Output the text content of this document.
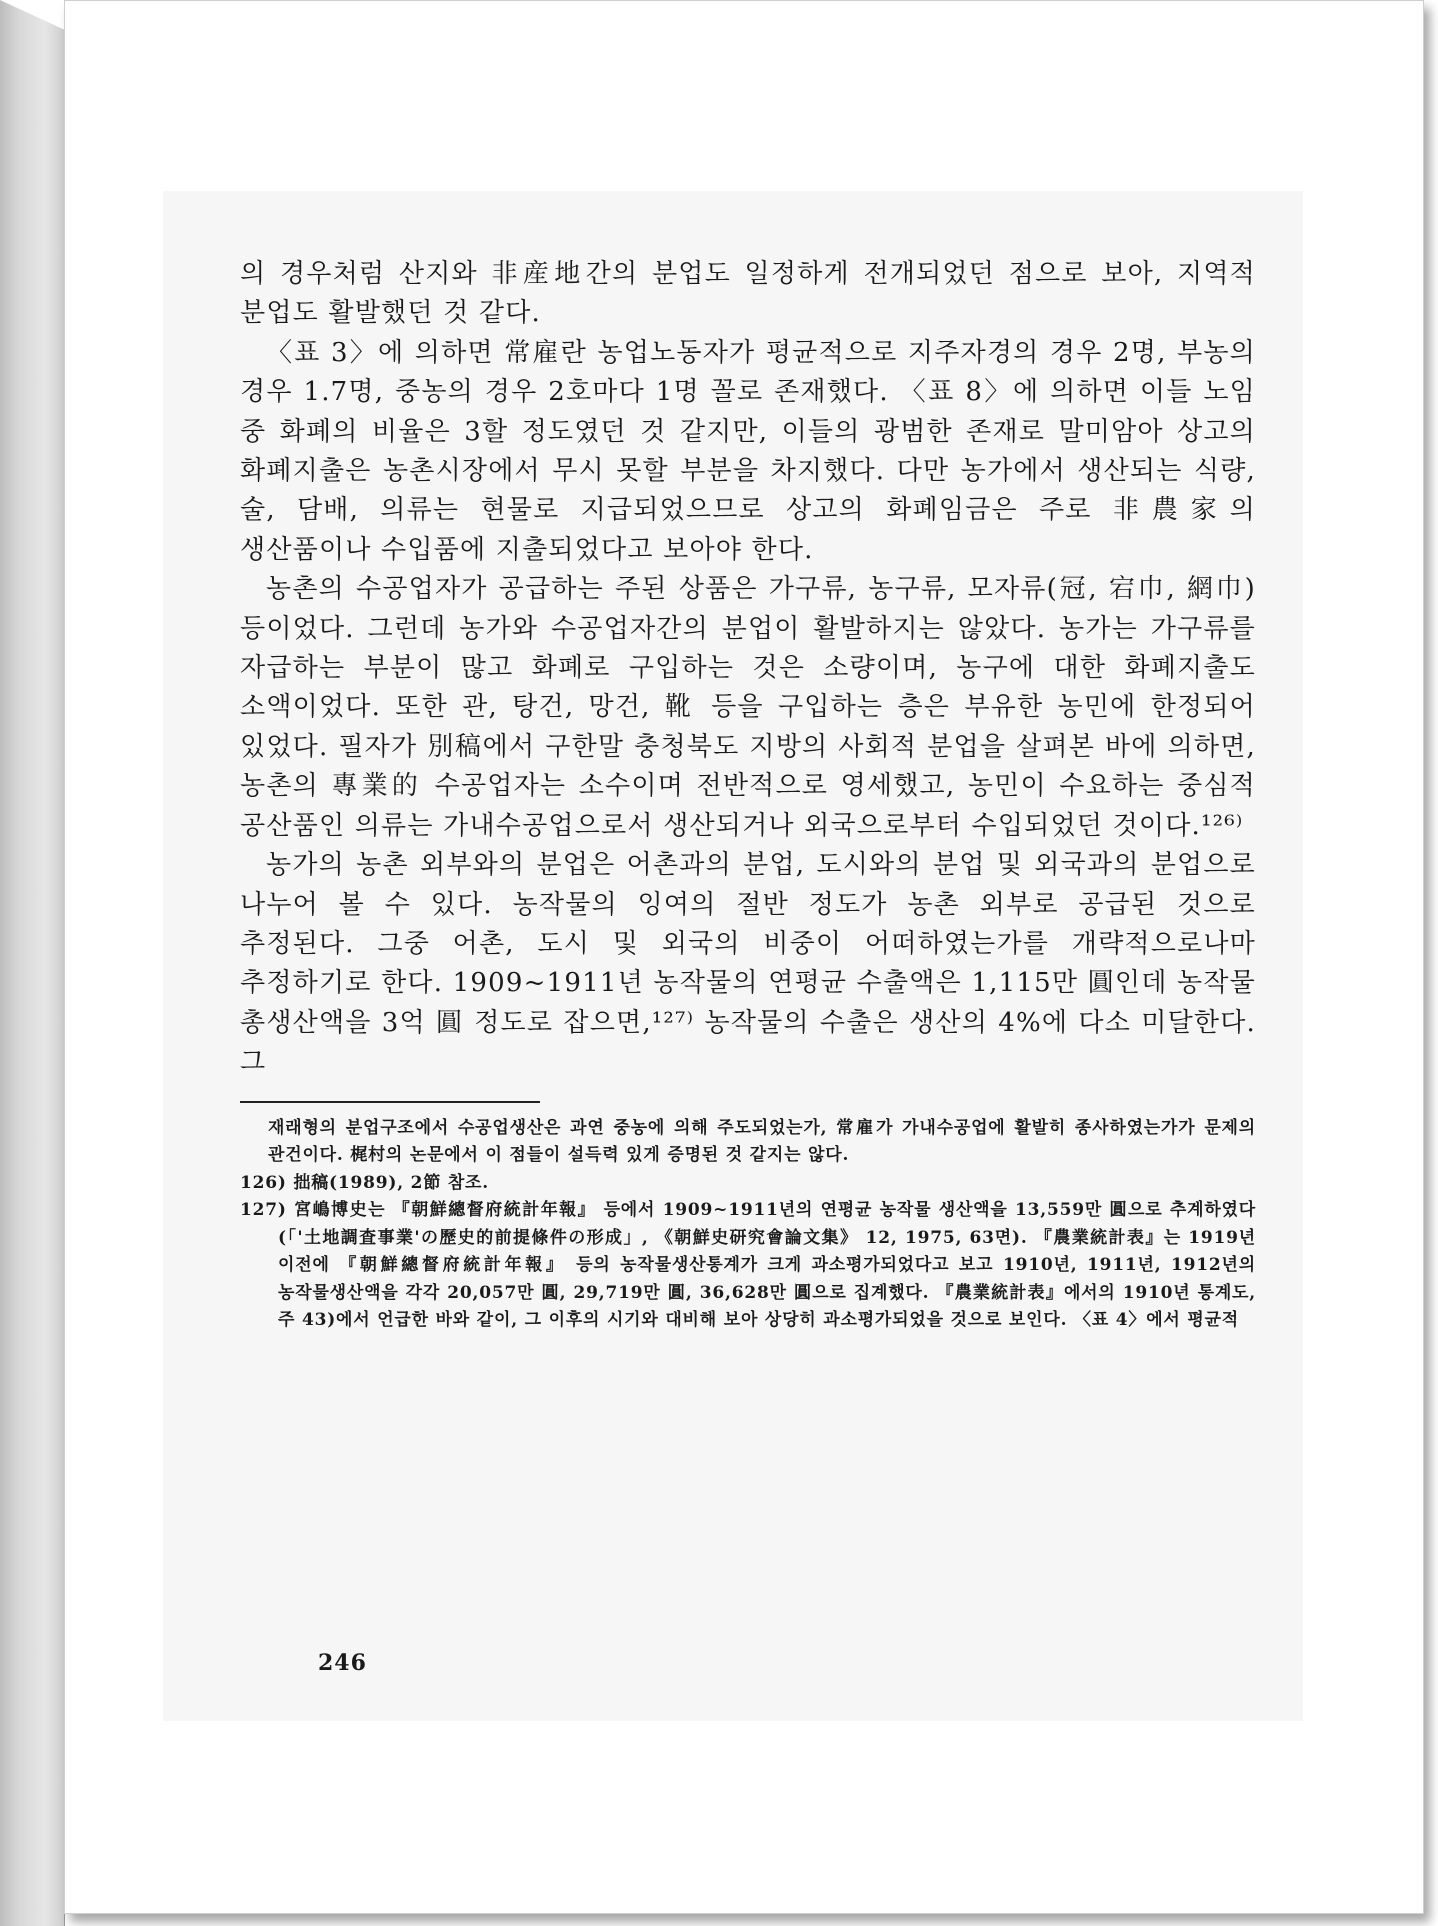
의 경우처럼 산지와 非産地간의 분업도 일정하게 전개되었던 점으로 보아, 지역적 분업도 활발했던 것 같다.

〈표 3〉에 의하면 常雇란 농업노동자가 평균적으로 지주자경의 경우 2명, 부농의 경우 1.7명, 중농의 경우 2호마다 1명 꼴로 존재했다. 〈표 8〉에 의하면 이들 노임 중 화폐의 비율은 3할 정도였던 것 같지만, 이들의 광범한 존재로 말미암아 상고의 화폐지출은 농촌시장에서 무시 못할 부분을 차지했다. 다만 농가에서 생산되는 식량, 술, 담배, 의류는 현물로 지급되었으므로 상고의 화폐임금은 주로 非農家의 생산품이나 수입품에 지출되었다고 보아야 한다.

농촌의 수공업자가 공급하는 주된 상품은 가구류, 농구류, 모자류(冠, 宕巾, 網巾) 등이었다. 그런데 농가와 수공업자간의 분업이 활발하지는 않았다. 농가는 가구류를 자급하는 부분이 많고 화폐로 구입하는 것은 소량이며, 농구에 대한 화폐지출도 소액이었다. 또한 관, 탕건, 망건, 靴 등을 구입하는 층은 부유한 농민에 한정되어 있었다. 필자가 別稿에서 구한말 충청북도 지방의 사회적 분업을 살펴본 바에 의하면, 농촌의 專業的 수공업자는 소수이며 전반적으로 영세했고, 농민이 수요하는 중심적 공산품인 의류는 가내수공업으로서 생산되거나 외국으로부터 수입되었던 것이다.¹²⁶⁾

농가의 농촌 외부와의 분업은 어촌과의 분업, 도시와의 분업 및 외국과의 분업으로 나누어 볼 수 있다. 농작물의 잉여의 절반 정도가 농촌 외부로 공급된 것으로 추정된다. 그중 어촌, 도시 및 외국의 비중이 어떠하였는가를 개략적으로나마 추정하기로 한다. 1909~1911년 농작물의 연평균 수출액은 1,115만 圓인데 농작물 총생산액을 3억 圓 정도로 잡으면,¹²⁷⁾ 농작물의 수출은 생산의 4%에 다소 미달한다. 그

재래형의 분업구조에서 수공업생산은 과연 중농에 의해 주도되었는가, 常雇가 가내수공업에 활발히 종사하였는가가 문제의 관건이다. 梶村의 논문에서 이 점들이 설득력 있게 증명된 것 같지는 않다.

126) 拙稿(1989), 2節 참조.

127) 宮嶋博史는 『朝鮮總督府統計年報』 등에서 1909~1911년의 연평균 농작물 생산액을 13,559만 圓으로 추계하였다(「'土地調査事業'の歷史的前提條件の形成」, 《朝鮮史研究會論文集》 12, 1975, 63면). 『農業統計表』는 1919년 이전에 『朝鮮總督府統計年報』 등의 농작물생산통계가 크게 과소평가되었다고 보고 1910년, 1911년, 1912년의 농작물생산액을 각각 20,057만 圓, 29,719만 圓, 36,628만 圓으로 집계했다. 『農業統計表』에서의 1910년 통계도, 주 43)에서 언급한 바와 같이, 그 이후의 시기와 대비해 보아 상당히 과소평가되었을 것으로 보인다. 〈표 4〉에서 평균적

246
